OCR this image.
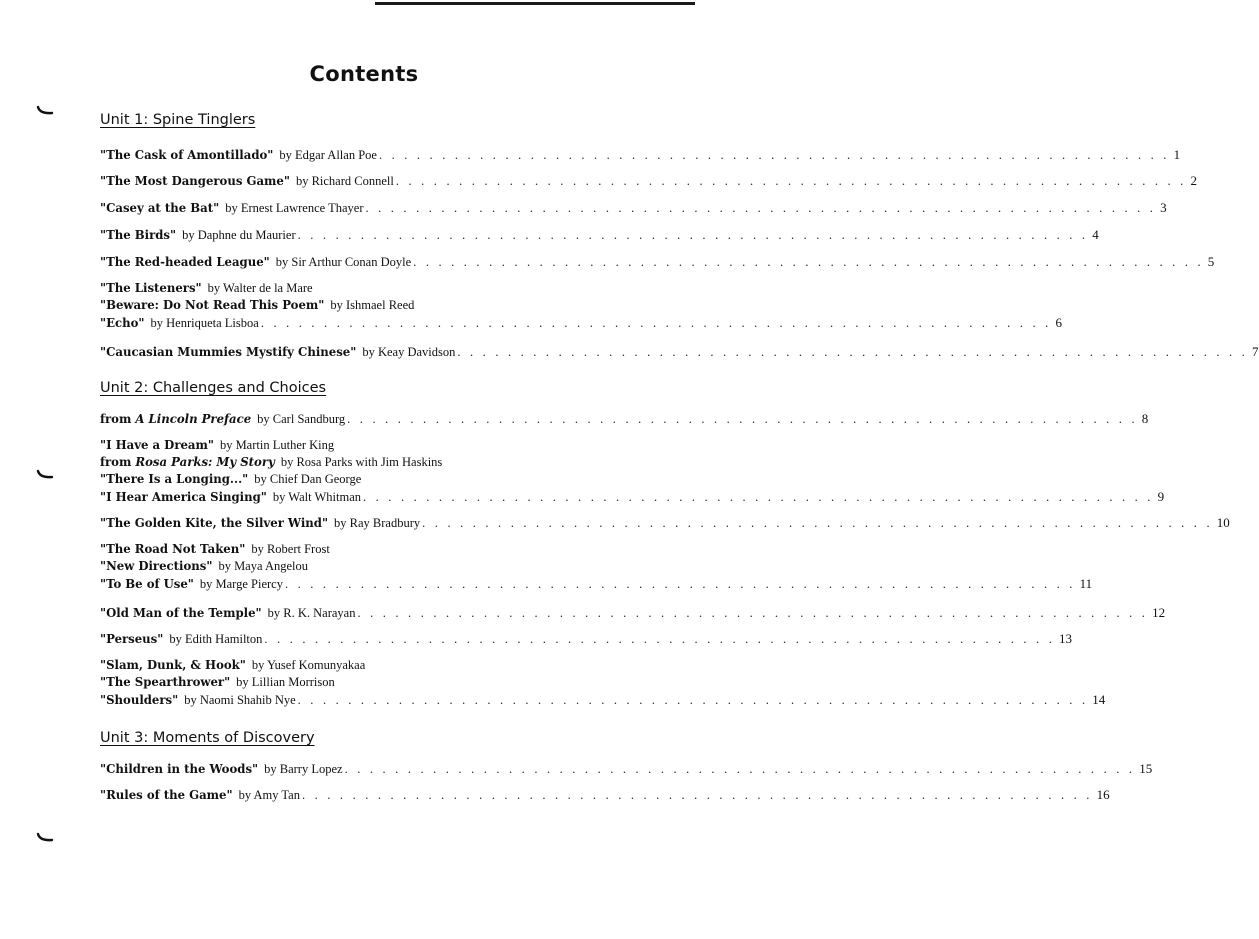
Contents
Unit 1: Spine Tinglers
"The Cask of Amontillado" by Edgar Allan Poe . . . . . . . . . . . . . . . . . . . . . . . . . . . . . . . . . . . . . . . . . . . . . . . . . . . . . . . . . . . . . . . 1
"The Most Dangerous Game" by Richard Connell . . . . . . . . . . . . . . . . . . . . . . . . . . . . . . . . . . . . . . . . . . . . . . . . . . . . . . . . . . . . . . . 2
"Casey at the Bat" by Ernest Lawrence Thayer . . . . . . . . . . . . . . . . . . . . . . . . . . . . . . . . . . . . . . . . . . . . . . . . . . . . . . . . . . . . . . . 3
"The Birds" by Daphne du Maurier . . . . . . . . . . . . . . . . . . . . . . . . . . . . . . . . . . . . . . . . . . . . . . . . . . . . . . . . . . . . . . . 4
"The Red-headed League" by Sir Arthur Conan Doyle . . . . . . . . . . . . . . . . . . . . . . . . . . . . . . . . . . . . . . . . . . . . . . . . . . . . . . . . . . . . . . . 5
"The Listeners" by Walter de la Mare
"Beware: Do Not Read This Poem" by Ishmael Reed
"Echo" by Henriqueta Lisboa . . . . . . . . . . . . . . . . . . . . . . . . . . . . . . . . . . . . . . . . . . . . . . . . . . . . . . . . . . . . . . . 6
"Caucasian Mummies Mystify Chinese" by Keay Davidson . . . . . . . . . . . . . . . . . . . . . . . . . . . . . . . . . . . . . . . . . . . . . . . . . . . . . . . . . . . . . . . 7
Unit 2: Challenges and Choices
from A Lincoln Preface by Carl Sandburg . . . . . . . . . . . . . . . . . . . . . . . . . . . . . . . . . . . . . . . . . . . . . . . . . . . . . . . . . . . . . . . 8
"I Have a Dream" by Martin Luther King
from Rosa Parks: My Story by Rosa Parks with Jim Haskins
"There Is a Longing..." by Chief Dan George
"I Hear America Singing" by Walt Whitman . . . . . . . . . . . . . . . . . . . . . . . . . . . . . . . . . . . . . . . . . . . . . . . . . . . . . . . . . . . . . . . 9
"The Golden Kite, the Silver Wind" by Ray Bradbury . . . . . . . . . . . . . . . . . . . . . . . . . . . . . . . . . . . . . . . . . . . . . . . . . . . . . . . . . . . . . . . 10
"The Road Not Taken" by Robert Frost
"New Directions" by Maya Angelou
"To Be of Use" by Marge Piercy . . . . . . . . . . . . . . . . . . . . . . . . . . . . . . . . . . . . . . . . . . . . . . . . . . . . . . . . . . . . . . . 11
"Old Man of the Temple" by R. K. Narayan . . . . . . . . . . . . . . . . . . . . . . . . . . . . . . . . . . . . . . . . . . . . . . . . . . . . . . . . . . . . . . . 12
"Perseus" by Edith Hamilton . . . . . . . . . . . . . . . . . . . . . . . . . . . . . . . . . . . . . . . . . . . . . . . . . . . . . . . . . . . . . . . 13
"Slam, Dunk, & Hook" by Yusef Komunyakaa
"The Spearthrower" by Lillian Morrison
"Shoulders" by Naomi Shahib Nye . . . . . . . . . . . . . . . . . . . . . . . . . . . . . . . . . . . . . . . . . . . . . . . . . . . . . . . . . . . . . . . 14
Unit 3: Moments of Discovery
"Children in the Woods" by Barry Lopez . . . . . . . . . . . . . . . . . . . . . . . . . . . . . . . . . . . . . . . . . . . . . . . . . . . . . . . . . . . . . . . 15
"Rules of the Game" by Amy Tan . . . . . . . . . . . . . . . . . . . . . . . . . . . . . . . . . . . . . . . . . . . . . . . . . . . . . . . . . . . . . . . 16
